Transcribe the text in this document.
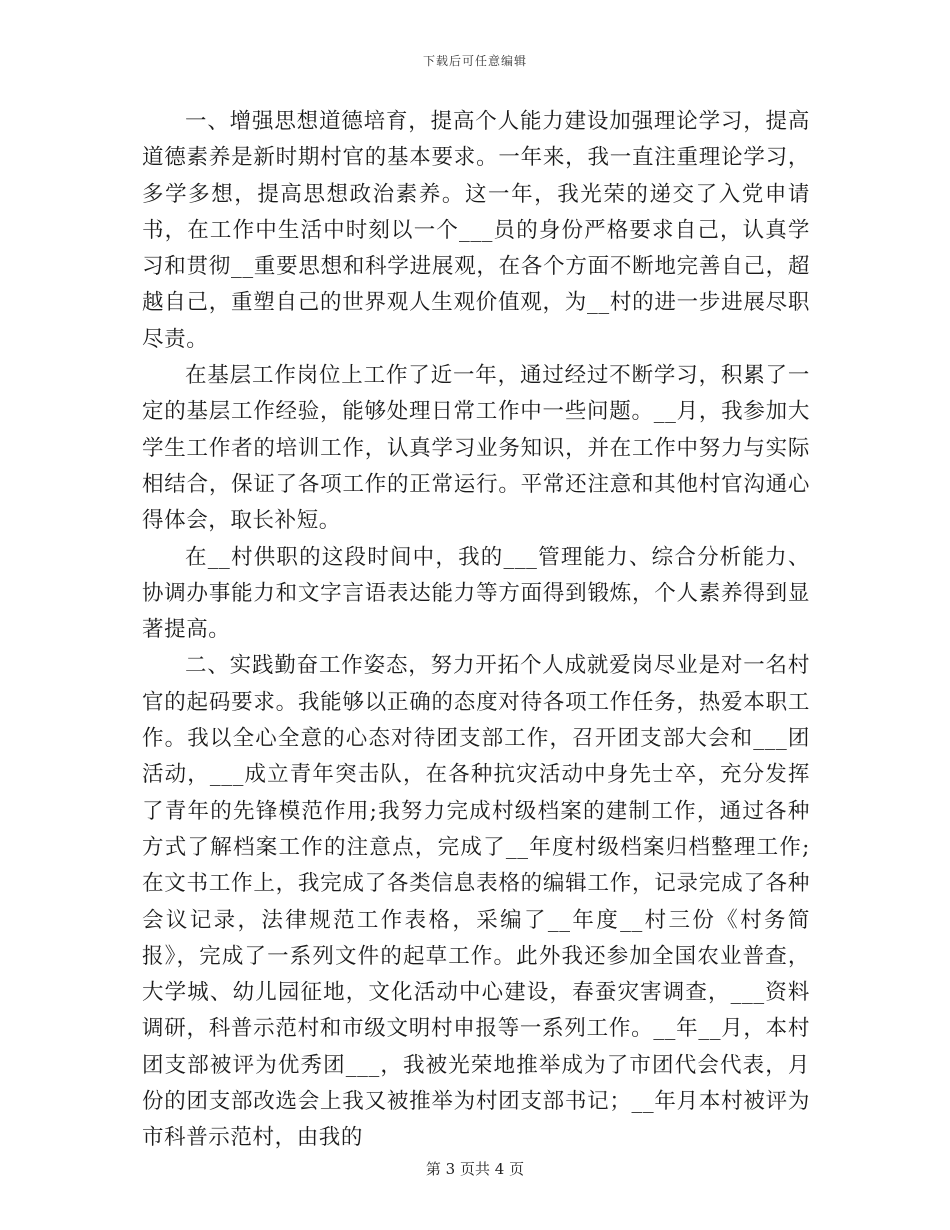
下载后可任意编辑

一、增强思想道德培育，提高个人能力建设加强理论学习，提高道德素养是新时期村官的基本要求。一年来，我一直注重理论学习，多学多想，提高思想政治素养。这一年，我光荣的递交了入党申请书，在工作中生活中时刻以一个___员的身份严格要求自己，认真学习和贯彻__重要思想和科学进展观，在各个方面不断地完善自己，超越自己，重塑自己的世界观人生观价值观，为__村的进一步进展尽职尽责。

在基层工作岗位上工作了近一年，通过经过不断学习，积累了一定的基层工作经验，能够处理日常工作中一些问题。__月，我参加大学生工作者的培训工作，认真学习业务知识，并在工作中努力与实际相结合，保证了各项工作的正常运行。平常还注意和其他村官沟通心得体会，取长补短。

在__村供职的这段时间中，我的___管理能力、综合分析能力、协调办事能力和文字言语表达能力等方面得到锻炼，个人素养得到显著提高。

二、实践勤奋工作姿态，努力开拓个人成就爱岗尽业是对一名村官的起码要求。我能够以正确的态度对待各项工作任务，热爱本职工作。我以全心全意的心态对待团支部工作，召开团支部大会和___团活动，___成立青年突击队，在各种抗灾活动中身先士卒，充分发挥了青年的先锋模范作用;我努力完成村级档案的建制工作，通过各种方式了解档案工作的注意点，完成了__年度村级档案归档整理工作;在文书工作上，我完成了各类信息表格的编辑工作，记录完成了各种会议记录，法律规范工作表格，采编了__年度__村三份《村务简报》，完成了一系列文件的起草工作。此外我还参加全国农业普查，大学城、幼儿园征地，文化活动中心建设，春蚕灾害调查，___资料调研，科普示范村和市级文明村申报等一系列工作。__年__月，本村团支部被评为优秀团___，我被光荣地推举成为了市团代会代表，月份的团支部改选会上我又被推举为村团支部书记；__年月本村被评为市科普示范村，由我的

第 3 页共 4 页
